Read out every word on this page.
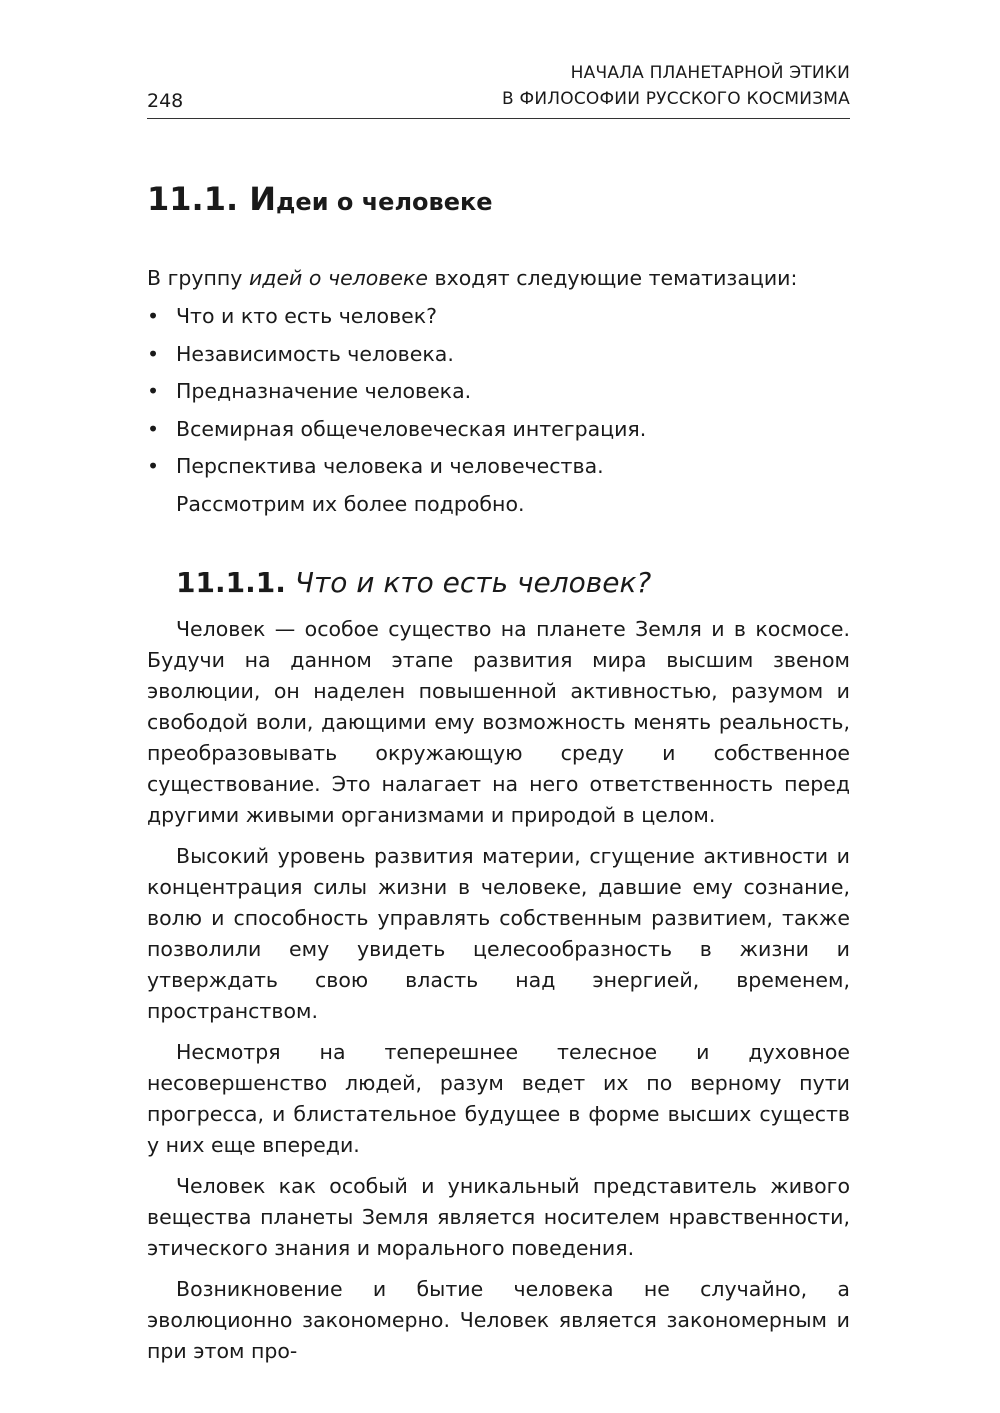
248
НАЧАЛА ПЛАНЕТАРНОЙ ЭТИКИ
В ФИЛОСОФИИ РУССКОГО КОСМИЗМА
11.1. Идеи о человеке

В группу идей о человеке входят следующие тематизации:

• Что и кто есть человек?
• Независимость человека.
• Предназначение человека.
• Всемирная общечеловеческая интеграция.
• Перспектива человека и человечества.

Рассмотрим их более подробно.

11.1.1. Что и кто есть человек?

Человек — особое существо на планете Земля и в космосе. Будучи на данном этапе развития мира высшим звеном эволюции, он наделен повышенной активностью, разумом и свободой воли, дающими ему возможность менять реальность, преобразовывать окружающую среду и собственное существование. Это налагает на него ответственность перед другими живыми организмами и природой в целом.

Высокий уровень развития материи, сгущение активности и концентрация силы жизни в человеке, давшие ему сознание, волю и способность управлять собственным развитием, также позволили ему увидеть целесообразность в жизни и утверждать свою власть над энергией, временем, пространством.

Несмотря на теперешнее телесное и духовное несовершенство людей, разум ведет их по верному пути прогресса, и блистательное будущее в форме высших существ у них еще впереди.

Человек как особый и уникальный представитель живого вещества планеты Земля является носителем нравственности, этического знания и морального поведения.

Возникновение и бытие человека не случайно, а эволюционно закономерно. Человек является закономерным и при этом про-
